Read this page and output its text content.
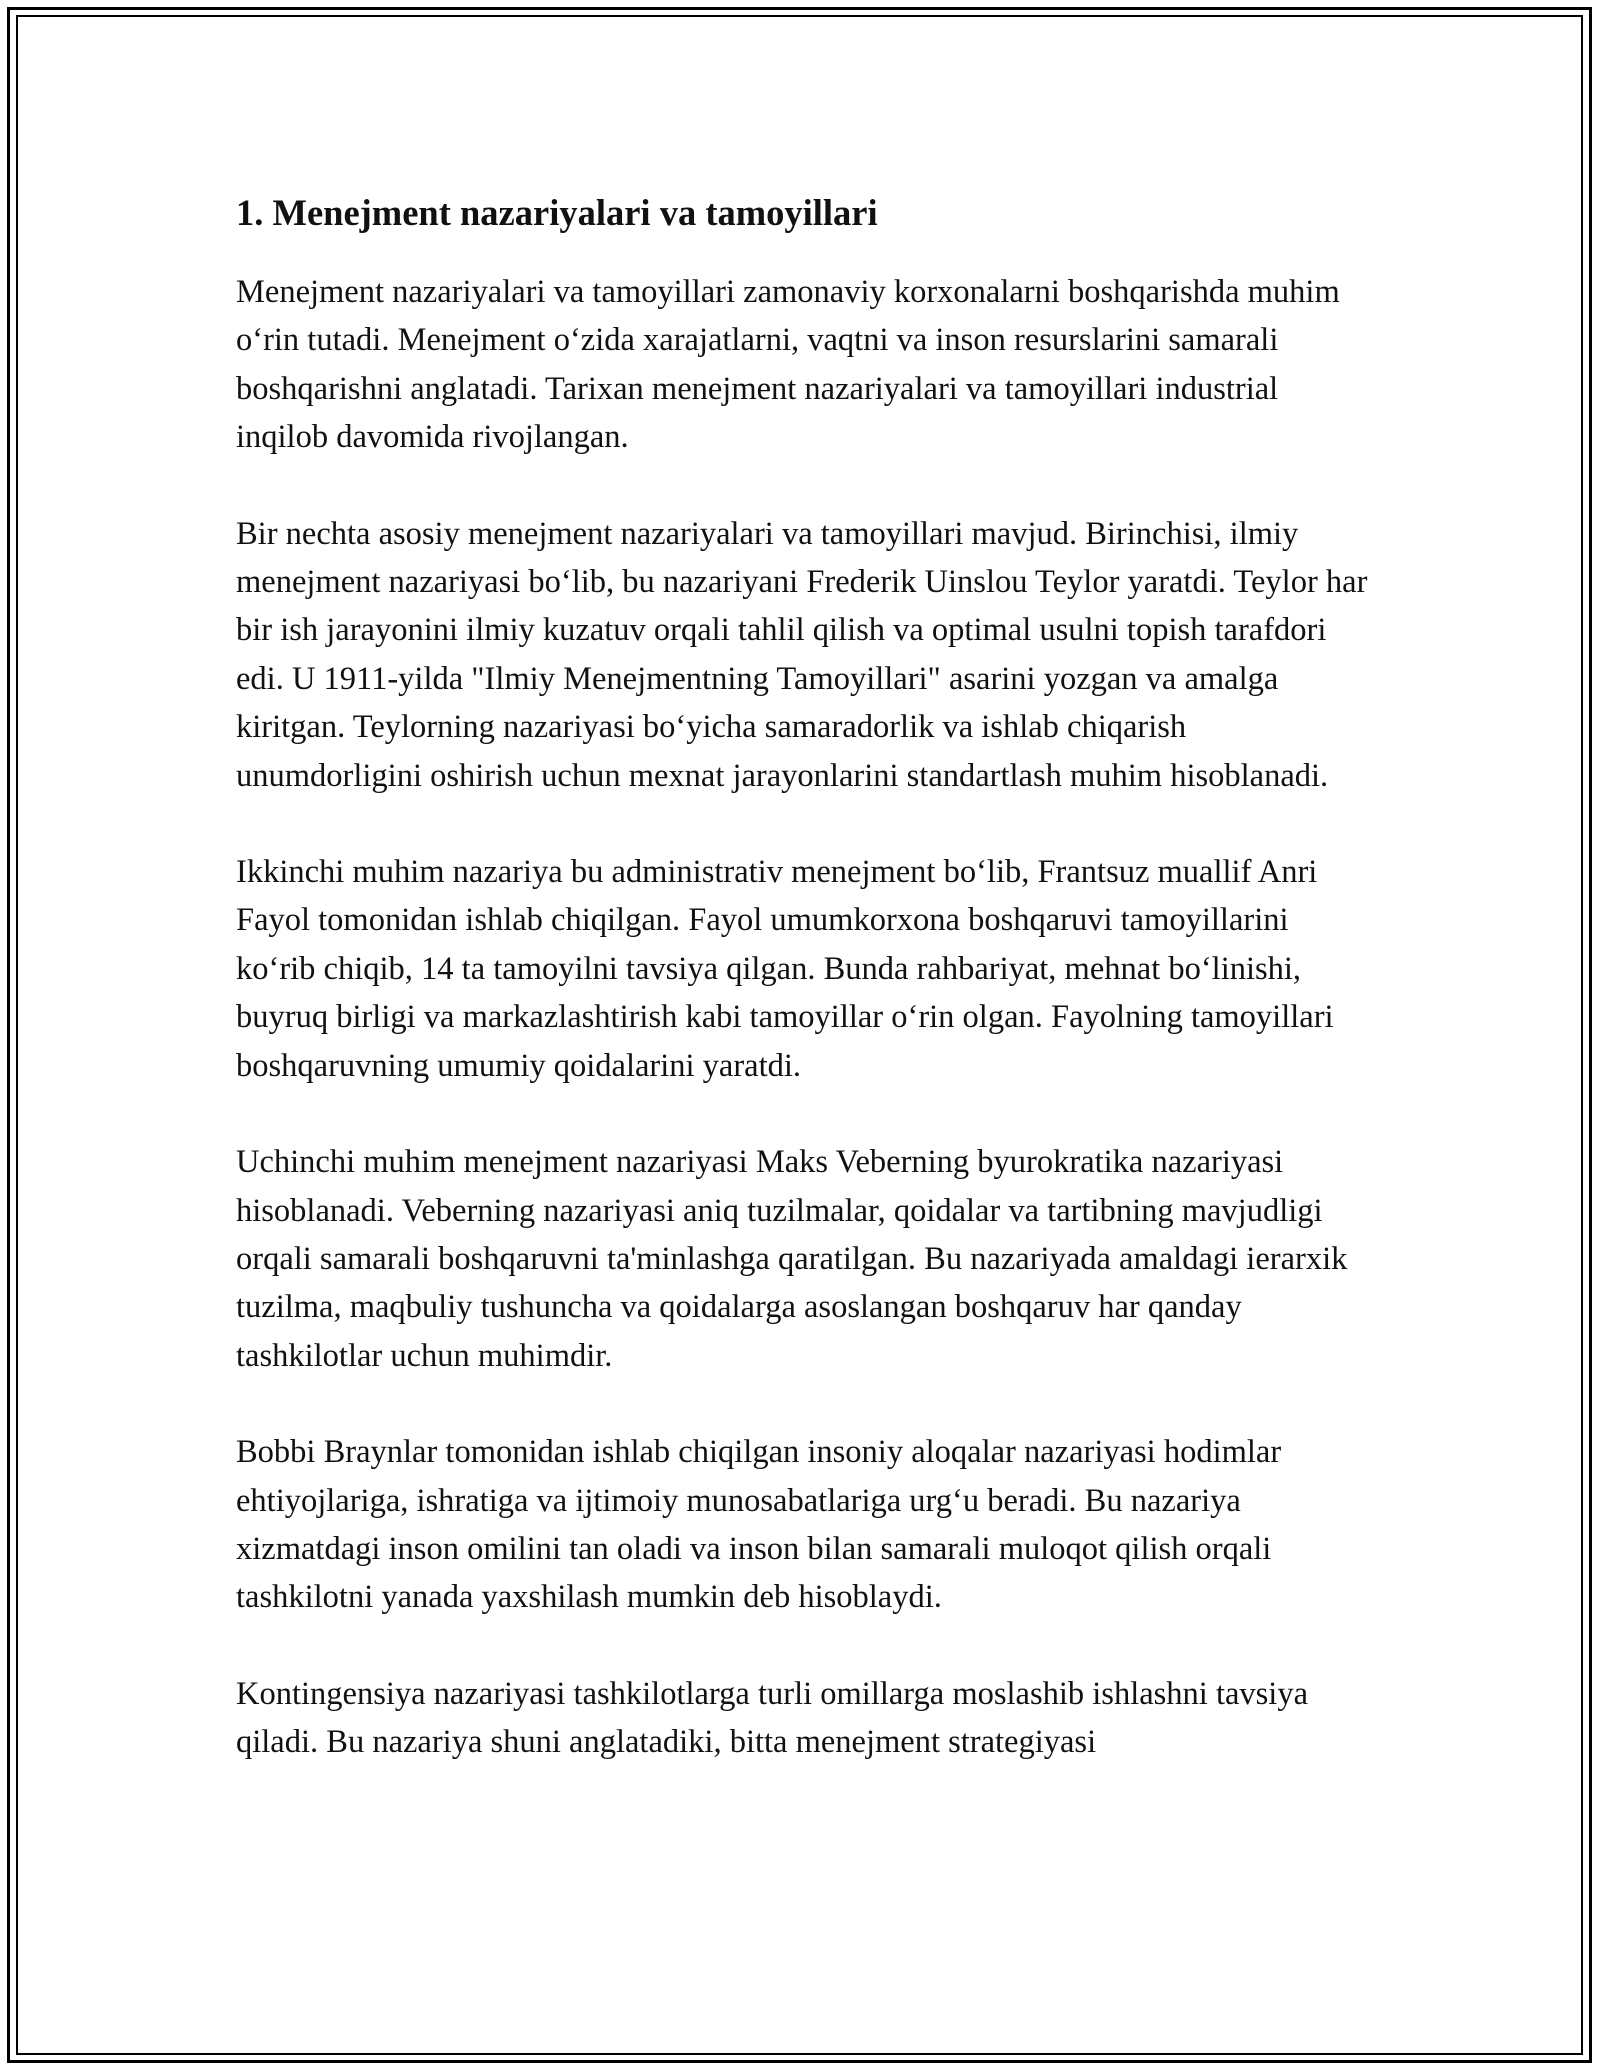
1. Menejment nazariyalari va tamoyillari

Menejment nazariyalari va tamoyillari zamonaviy korxonalarni boshqarishda muhim oʻrin tutadi. Menejment oʻzida xarajatlarni, vaqtni va inson resurslarini samarali boshqarishni anglatadi. Tarixan menejment nazariyalari va tamoyillari industrial inqilob davomida rivojlangan.

Bir nechta asosiy menejment nazariyalari va tamoyillari mavjud. Birinchisi, ilmiy menejment nazariyasi boʻlib, bu nazariyani Frederik Uinslou Teylor yaratdi. Teylor har bir ish jarayonini ilmiy kuzatuv orqali tahlil qilish va optimal usulni topish tarafdori edi. U 1911-yilda "Ilmiy Menejmentning Tamoyillari" asarini yozgan va amalga kiritgan. Teylorning nazariyasi boʻyicha samaradorlik va ishlab chiqarish unumdorligini oshirish uchun mexnat jarayonlarini standartlash muhim hisoblanadi.

Ikkinchi muhim nazariya bu administrativ menejment boʻlib, Frantsuz muallif Anri Fayol tomonidan ishlab chiqilgan. Fayol umumkorxona boshqaruvi tamoyillarini koʻrib chiqib, 14 ta tamoyilni tavsiya qilgan. Bunda rahbariyat, mehnat boʻlinishi, buyruq birligi va markazlashtirish kabi tamoyillar oʻrin olgan. Fayolning tamoyillari boshqaruvning umumiy qoidalarini yaratdi.

Uchinchi muhim menejment nazariyasi Maks Veberning byurokratika nazariyasi hisoblanadi. Veberning nazariyasi aniq tuzilmalar, qoidalar va tartibning mavjudligi orqali samarali boshqaruvni ta'minlashga qaratilgan. Bu nazariyada amaldagi ierarxik tuzilma, maqbuliy tushuncha va qoidalarga asoslangan boshqaruv har qanday tashkilotlar uchun muhimdir.

Bobbi Braynlar tomonidan ishlab chiqilgan insoniy aloqalar nazariyasi hodimlar ehtiyojlariga, ishratiga va ijtimoiy munosabatlariga urgʻu beradi. Bu nazariya xizmatdagi inson omilini tan oladi va inson bilan samarali muloqot qilish orqali tashkilotni yanada yaxshilash mumkin deb hisoblaydi.

Kontingensiya nazariyasi tashkilotlarga turli omillarga moslashib ishlashni tavsiya qiladi. Bu nazariya shuni anglatadiki, bitta menejment strategiyasi
